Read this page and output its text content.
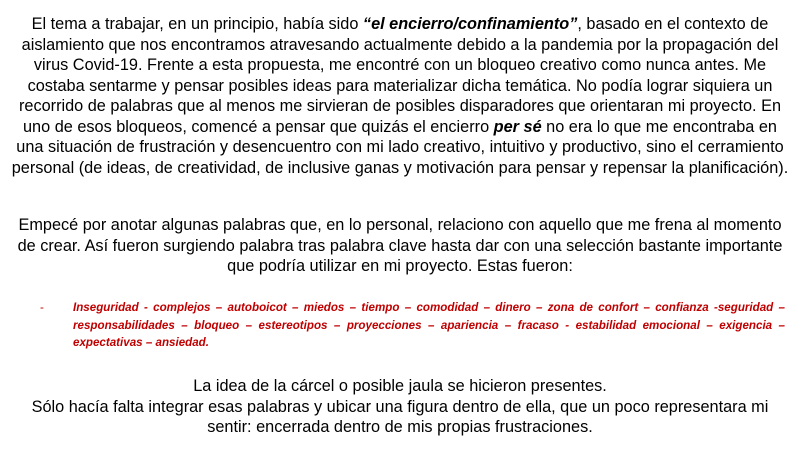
El tema a trabajar, en un principio, había sido “el encierro/confinamiento”, basado en el contexto de aislamiento que nos encontramos atravesando actualmente debido a la pandemia por la propagación del virus Covid-19. Frente a esta propuesta, me encontré con un bloqueo creativo como nunca antes. Me costaba sentarme y pensar posibles ideas para materializar dicha temática. No podía lograr siquiera un recorrido de palabras que al menos me sirvieran de posibles disparadores que orientaran mi proyecto. En uno de esos bloqueos, comencé a pensar que quizás el encierro per sé no era lo que me encontraba en una situación de frustración y desencuentro con mi lado creativo, intuitivo y productivo, sino el cerramiento personal (de ideas, de creatividad, de inclusive ganas y motivación para pensar y repensar la planificación).

Empecé por anotar algunas palabras que, en lo personal, relaciono con aquello que me frena al momento de crear. Así fueron surgiendo palabra tras palabra clave hasta dar con una selección bastante importante que podría utilizar en mi proyecto. Estas fueron:

-	Inseguridad - complejos – autoboicot – miedos – tiempo – comodidad – dinero – zona de confort – confianza -seguridad – responsabilidades – bloqueo – estereotipos – proyecciones – apariencia – fracaso - estabilidad emocional – exigencia – expectativas – ansiedad.
La idea de la cárcel o posible jaula se hicieron presentes.
Sólo hacía falta integrar esas palabras y ubicar una figura dentro de ella, que un poco representara mi sentir: encerrada dentro de mis propias frustraciones.
